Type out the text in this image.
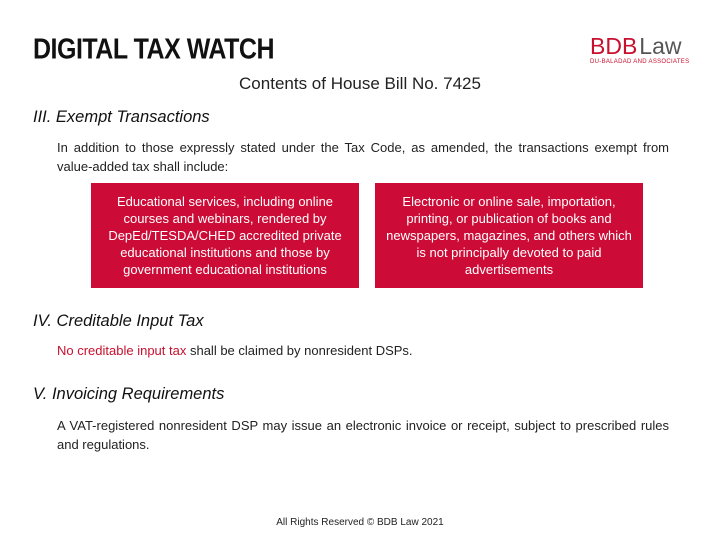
DIGITAL TAX WATCH	BDBLaw
DU-BALADAD AND ASSOCIATES
Contents of House Bill No. 7425
III. Exempt Transactions
In addition to those expressly stated under the Tax Code, as amended, the transactions exempt from value-added tax shall include:
Educational services, including online courses and webinars, rendered by DepEd/TESDA/CHED accredited private educational institutions and those by government educational institutions
Electronic or online sale, importation, printing, or publication of books and newspapers, magazines, and others which is not principally devoted to paid advertisements
IV. Creditable Input Tax
No creditable input tax shall be claimed by nonresident DSPs.
V. Invoicing Requirements
A VAT-registered nonresident DSP may issue an electronic invoice or receipt, subject to prescribed rules and regulations.
All Rights Reserved © BDB Law 2021
